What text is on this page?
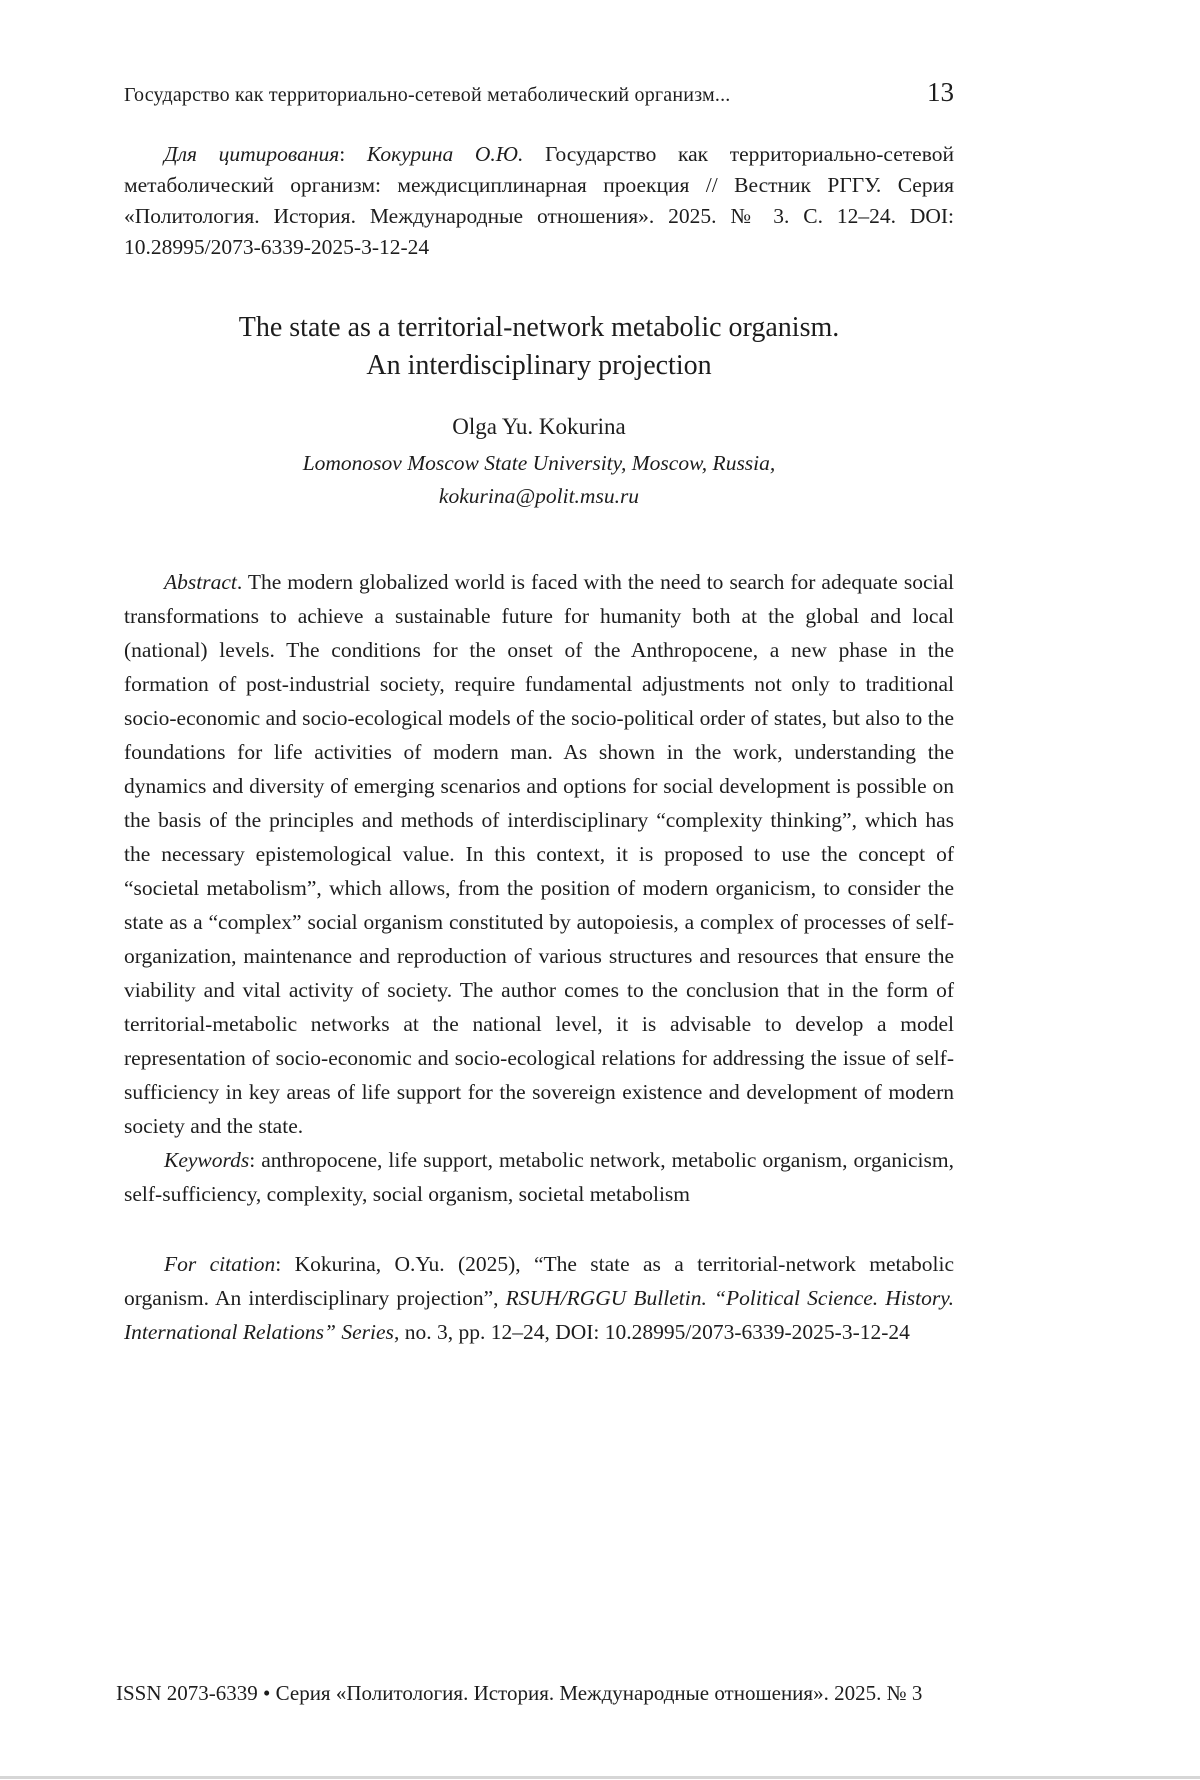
Государство как территориально-сетевой метаболический организм...	13

Для цитирования: Кокурина О.Ю. Государство как территориально-сетевой метаболический организм: междисциплинарная проекция // Вестник РГГУ. Серия «Политология. История. Международные отношения». 2025. № 3. С. 12–24. DOI: 10.28995/2073-6339-2025-3-12-24

The state as a territorial-network metabolic organism.
An interdisciplinary projection
Olga Yu. Kokurina
Lomonosov Moscow State University, Moscow, Russia,
kokurina@polit.msu.ru

Abstract. The modern globalized world is faced with the need to search for adequate social transformations to achieve a sustainable future for humanity both at the global and local (national) levels. The conditions for the onset of the Anthropocene, a new phase in the formation of post-industrial society, require fundamental adjustments not only to traditional socio-economic and socio-ecological models of the socio-political order of states, but also to the foundations for life activities of modern man. As shown in the work, understanding the dynamics and diversity of emerging scenarios and options for social development is possible on the basis of the principles and methods of interdisciplinary “complexity thinking”, which has the necessary epistemological value. In this context, it is proposed to use the concept of “societal metabolism”, which allows, from the position of modern organicism, to consider the state as a “complex” social organism constituted by autopoiesis, a complex of processes of self-organization, maintenance and reproduction of various structures and resources that ensure the viability and vital activity of society. The author comes to the conclusion that in the form of territorial-metabolic networks at the national level, it is advisable to develop a model representation of socio-economic and socio-ecological relations for addressing the issue of self-sufficiency in key areas of life support for the sovereign existence and development of modern society and the state.

Keywords: anthropocene, life support, metabolic network, metabolic organism, organicism, self-sufficiency, complexity, social organism, societal metabolism

For citation: Kokurina, O.Yu. (2025), “The state as a territorial-network metabolic organism. An interdisciplinary projection”, RSUH/RGGU Bulletin. “Political Science. History. International Relations” Series, no. 3, pp. 12–24, DOI: 10.28995/2073-6339-2025-3-12-24

ISSN 2073-6339 • Серия «Политология. История. Международные отношения». 2025. № 3
